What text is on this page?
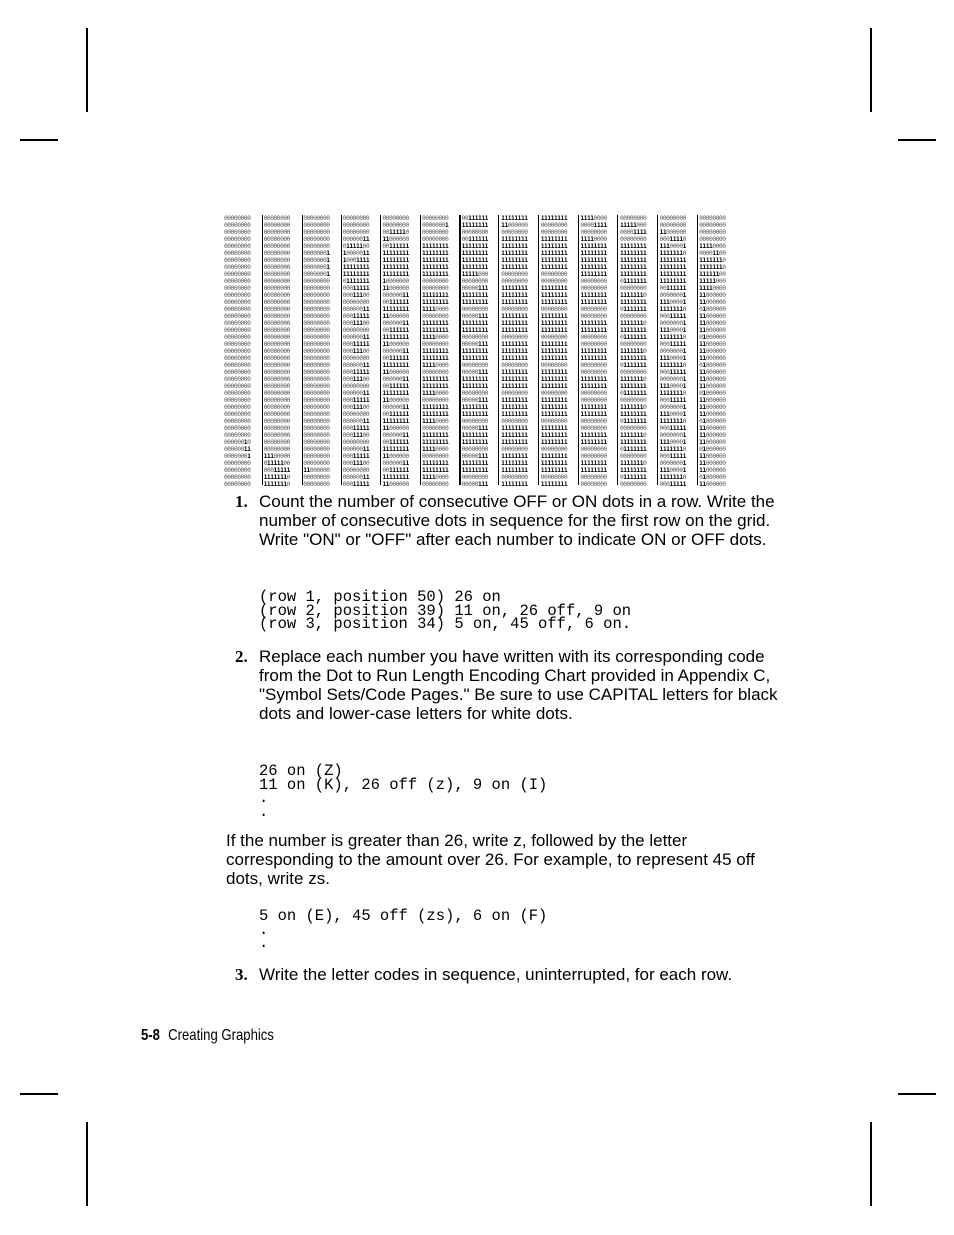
00000000 00000000 00000000 00000000 00000000 00000000 00111111 11111111 11111111 11110000 00000000 00000000 00000000
00000000 00000000 00000000 00000000 00000000 00000001 11111111 11000000 00000000 00001111 11111000 00000000 00000000
00000000 00000000 00000000 00000000 00111110 00000000 00000000 00000000 00000000 00000000 00001111 11000000 00000000
00000000 00000000 00000000 00000011 11000000 00000000 00111111 11111111 11111111 11110000 00000000 00011110 00000000
00000000 00000000 00000000 01111100 00111111 11111111 11111111 11111111 11111111 11111111 11111111 11100001 11110000
00000000 00000000 00000001 10000011 11111111 11111111 11111111 11111111 11111111 11111111 11111111 11111110 00001100
00000000 00000000 00000001 10001111 11111111 11111111 11111111 11111111 11111111 11111111 11111111 11111111 11111110
00000000 00000000 00000001 11111111 11111111 11111111 11111111 11111111 11111111 11111111 11111111 11111111 11111110
00000000 00000000 00000001 11111111 11111111 11111111 11111000 00000000 00000000 11111111 11111111 11111111 11111100
00000000 00000000 00000000 01111111 10000000 00000000 00000000 00000000 00000000 00000000 01111111 11111111 11111000
00000000 00000000 00000000 00011111 11000000 00000000 00000111 11111111 11111111 00000000 00000000 00111111 11110000
00000000 00000000 00000000 00011100 00000011 11111111 11111111 11111111 11111111 11111111 11111110 00000001 11000000
00000000 00000000 00000000 00000000 00111111 11111111 11111111 11111111 11111111 11111111 11111111 11100001 11000000
00000000 00000000 00000000 00000011 11111111 11110000 00000000 00000000 00000000 00000000 01111111 11111110 01000000
00000000 00000000 00000000 00011111 11000000 00000000 00000111 11111111 11111111 00000000 00000000 00011111 11000000
00000000 00000000 00000000 00011100 00000011 11111111 11111111 11111111 11111111 11111111 11111110 00000001 11000000
00000000 00000000 00000000 00000000 00111111 11111111 11111111 11111111 11111111 11111111 11111111 11100001 11000000
00000000 00000000 00000000 00000011 11111111 11110000 00000000 00000000 00000000 00000000 01111111 11111110 01000000
00000000 00000000 00000000 00011111 11000000 00000000 00000111 11111111 11111111 00000000 00000000 00011111 11000000
00000000 00000000 00000000 00011100 00000011 11111111 11111111 11111111 11111111 11111111 11111110 00000001 11000000
00000000 00000000 00000000 00000000 00111111 11111111 11111111 11111111 11111111 11111111 11111111 11100001 11000000
00000000 00000000 00000000 00000011 11111111 11110000 00000000 00000000 00000000 00000000 01111111 11111110 01000000
00000000 00000000 00000000 00011111 11000000 00000000 00000111 11111111 11111111 00000000 00000000 00011111 11000000
00000000 00000000 00000000 00011100 00000011 11111111 11111111 11111111 11111111 11111111 11111110 00000001 11000000
00000000 00000000 00000000 00000000 00111111 11111111 11111111 11111111 11111111 11111111 11111111 11100001 11000000
00000000 00000000 00000000 00000011 11111111 11110000 00000000 00000000 00000000 00000000 01111111 11111110 01000000
00000000 00000000 00000000 00011111 11000000 00000000 00000111 11111111 11111111 00000000 00000000 00011111 11000000
00000000 00000000 00000000 00011100 00000011 11111111 11111111 11111111 11111111 11111111 11111110 00000001 11000000
00000000 00000000 00000000 00000000 00111111 11111111 11111111 11111111 11111111 11111111 11111111 11100001 11000000
00000000 00000000 00000000 00000011 11111111 11110000 00000000 00000000 00000000 00000000 01111111 11111110 01000000
00000000 00000000 00000000 00011111 11000000 00000000 00000111 11111111 11111111 00000000 00000000 00011111 11000000
00000000 00000000 00000000 00011100 00000011 11111111 11111111 11111111 11111111 11111111 11111110 00000001 11000000
00000010 00000000 00000000 00000000 00111111 11111111 11111111 11111111 11111111 11111111 11111111 11100001 11000000
00000011 00000000 00000000 00000011 11111111 11110000 00000000 00000000 00000000 00000000 01111111 11111110 01000000
00000001 11100000 00000000 00011111 11000000 00000000 00000111 11111111 11111111 00000000 00000000 00011111 11000000
00000000 01111100 00000000 00011100 00000011 11111111 11111111 11111111 11111111 11111111 11111110 00000001 11000000
00000000 00011111 11000000 00000000 00111111 11111111 11111111 11111111 11111111 11111111 11111111 11100001 11000000
00000000 11111110 00000000 00000011 11111111 11110000 00000000 00000000 00000000 00000000 01111111 11111110 01000000
00000000 11111110 00000000 00011111 11000000 00000000 00000111 11111111 11111111 00000000 00000000 00011111 11000000
1. Count the number of consecutive OFF or ON dots in a row. Write the number of consecutive dots in sequence for the first row on the grid. Write "ON" or "OFF" after each number to indicate ON or OFF dots.
(row 1, position 50) 26 on
(row 2, position 39) 11 on, 26 off, 9 on
(row 3, position 34) 5 on, 45 off, 6 on.
2. Replace each number you have written with its corresponding code from the Dot to Run Length Encoding Chart provided in Appendix C, "Symbol Sets/Code Pages." Be sure to use CAPITAL letters for black dots and lower-case letters for white dots.
26 on (Z)
11 on (K), 26 off (z), 9 on (I)
.
.
If the number is greater than 26, write z, followed by the letter corresponding to the amount over 26. For example, to represent 45 off dots, write zs.
5 on (E), 45 off (zs), 6 on (F)
.
.
3. Write the letter codes in sequence, uninterrupted, for each row.
5-8 Creating Graphics
